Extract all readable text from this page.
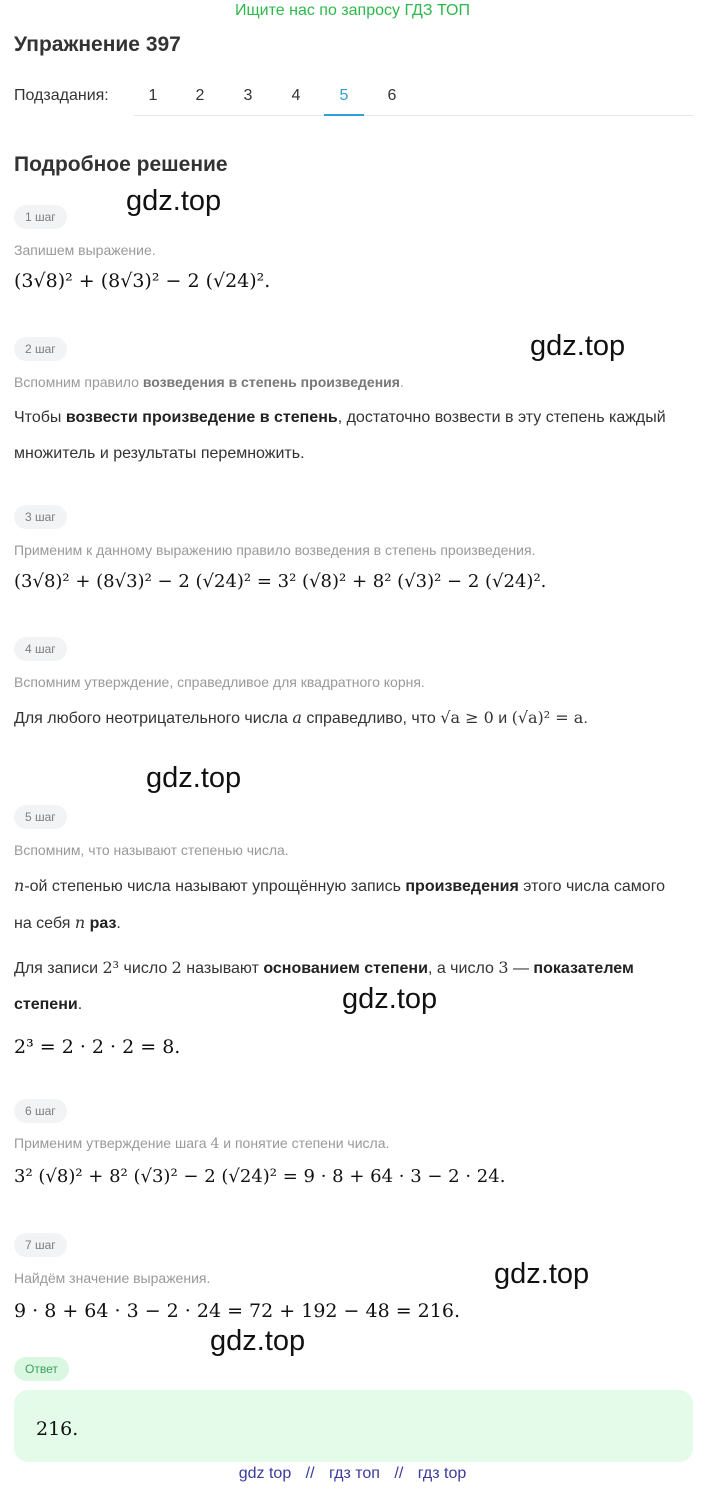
Ищите нас по запросу ГДЗ ТОП
Упражнение 397
Подзадания:	1	2	3	4	5	6
Подробное решение
gdz.top
gdz.top
gdz.top
gdz.top
gdz.top
gdz.top
1 шаг
Запишем выражение.
(3√8)² + (8√3)² − 2 (√24)².
2 шаг
Вспомним правило возведения в степень произведения.
Чтобы возвести произведение в степень, достаточно возвести в эту степень каждый множитель и результаты перемножить.
3 шаг
Применим к данному выражению правило возведения в степень произведения.
(3√8)² + (8√3)² − 2 (√24)² = 3² (√8)² + 8² (√3)² − 2 (√24)².
4 шаг
Вспомним утверждение, справедливое для квадратного корня.
Для любого неотрицательного числа a справедливо, что √a ≥ 0 и (√a)² = a.
5 шаг
Вспомним, что называют степенью числа.
n-ой степенью числа называют упрощённую запись произведения этого числа самого на себя n раз.
Для записи 2³ число 2 называют основанием степени, а число 3 — показателем степени.
2³ = 2 · 2 · 2 = 8.
6 шаг
Применим утверждение шага 4 и понятие степени числа.
3² (√8)² + 8² (√3)² − 2 (√24)² = 9 · 8 + 64 · 3 − 2 · 24.
7 шаг
Найдём значение выражения.
9 · 8 + 64 · 3 − 2 · 24 = 72 + 192 − 48 = 216.
Ответ
216.
gdz top // гдз топ // гдз top
